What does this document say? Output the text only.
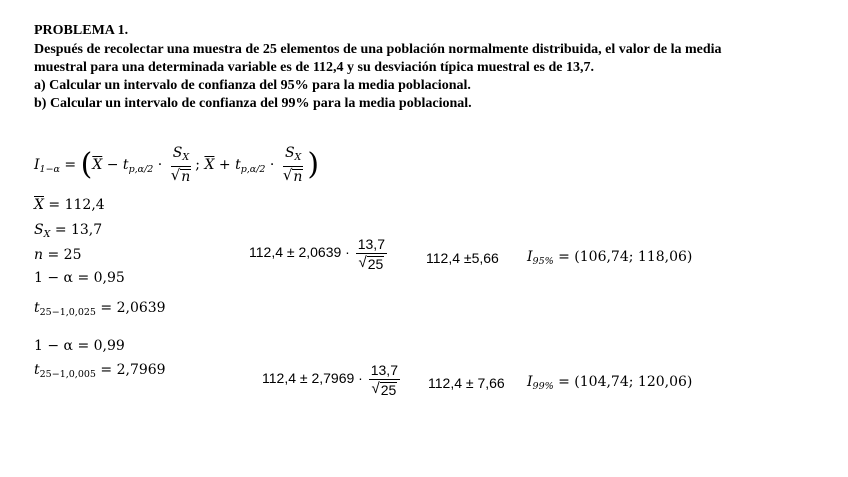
PROBLEMA 1.
Después de recolectar una muestra de 25 elementos de una población normalmente distribuida, el valor de la media
muestral para una determinada variable es de 112,4 y su desviación típica muestral es de 13,7.
a) Calcular un intervalo de confianza del 95% para la media poblacional.
b) Calcular un intervalo de confianza del 99% para la media poblacional.
$I_{1-\alpha} = (\overline{X} - t_{p,\alpha/2} \cdot \frac{S_X}{√ n}$ ; $\overline{X} + t_{p,\alpha/2} \cdot \frac{S_X}{√ n}$ )
$\overline{X} = 112,4$
$S_X = 13,7$
n = 25
1 − α = 0,95
$t_{25-1,0,025} = 2,0639$
1 − α = 0,99
$t_{25-1,0,005} = 2,7969$
$112,4 \pm 2,0639 \cdot \frac{13,7}{√ 25}$	112,4 ±5,66 $I_{95\%} = (106,74$; 118,06)
$112,4 \pm 2,7969 \cdot \frac{13,7}{√ 25} 112,4 \pm 7,66$ $I_{99\%} = (104,74$; 120,06)
